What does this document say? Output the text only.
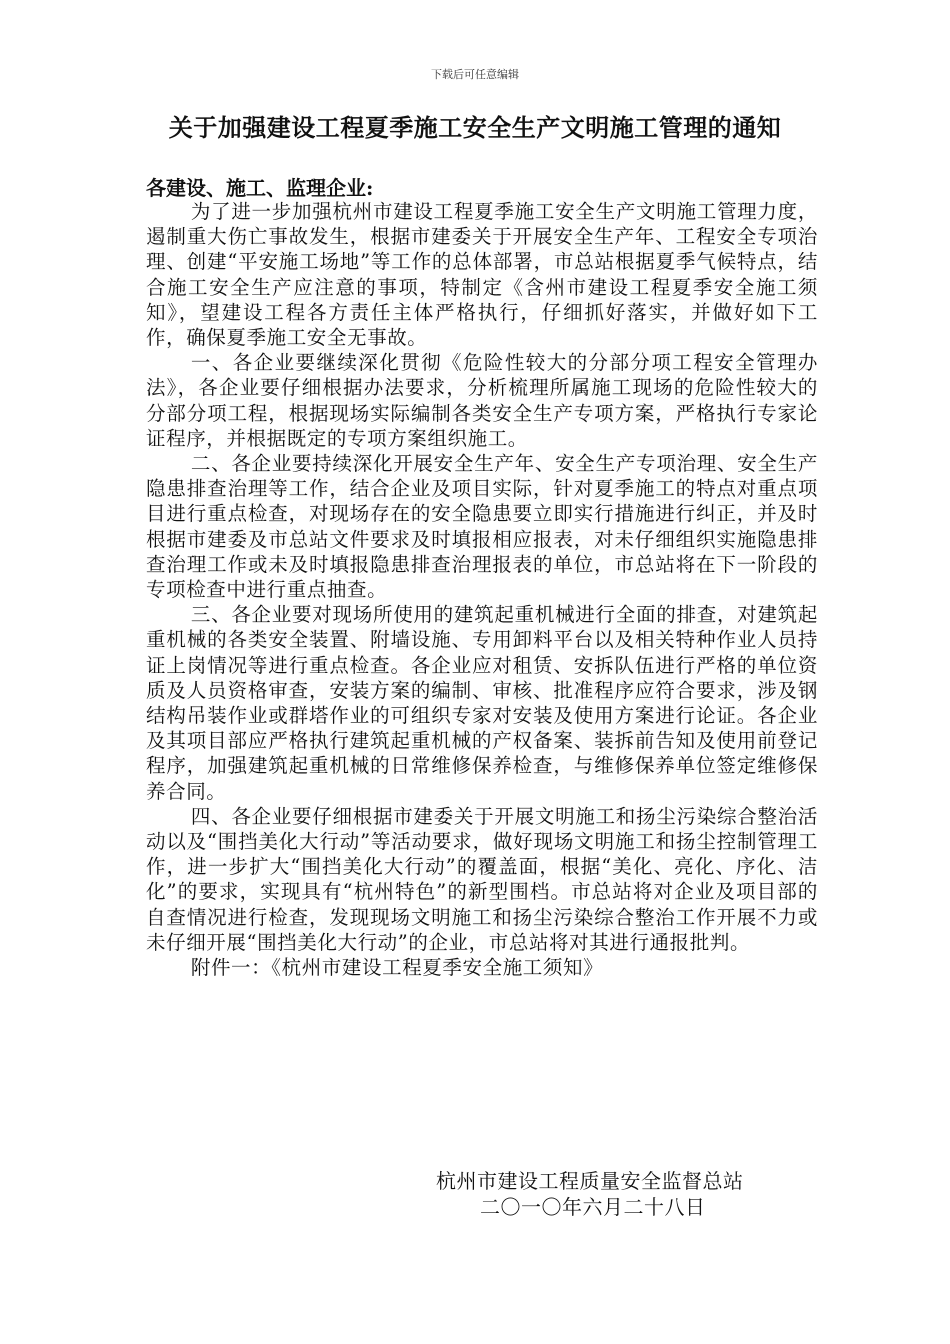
下载后可任意编辑
关于加强建设工程夏季施工安全生产文明施工管理的通知

各建设、施工、监理企业:

为了进一步加强杭州市建设工程夏季施工安全生产文明施工管理力度，遏制重大伤亡事故发生，根据市建委关于开展安全生产年、工程安全专项治理、创建“平安施工场地”等工作的总体部署，市总站根据夏季气候特点，结合施工安全生产应注意的事项，特制定《含州市建设工程夏季安全施工须知》，望建设工程各方责任主体严格执行，仔细抓好落实，并做好如下工作，确保夏季施工安全无事故。

一、各企业要继续深化贯彻《危险性较大的分部分项工程安全管理办法》，各企业要仔细根据办法要求，分析梳理所属施工现场的危险性较大的分部分项工程，根据现场实际编制各类安全生产专项方案，严格执行专家论证程序，并根据既定的专项方案组织施工。

二、各企业要持续深化开展安全生产年、安全生产专项治理、安全生产隐患排查治理等工作，结合企业及项目实际，针对夏季施工的特点对重点项目进行重点检查，对现场存在的安全隐患要立即实行措施进行纠正，并及时根据市建委及市总站文件要求及时填报相应报表，对未仔细组织实施隐患排查治理工作或未及时填报隐患排查治理报表的单位，市总站将在下一阶段的专项检查中进行重点抽查。

三、各企业要对现场所使用的建筑起重机械进行全面的排查，对建筑起重机械的各类安全装置、附墙设施、专用卸料平台以及相关特种作业人员持证上岗情况等进行重点检查。各企业应对租赁、安拆队伍进行严格的单位资质及人员资格审查，安装方案的编制、审核、批准程序应符合要求，涉及钢结构吊装作业或群塔作业的可组织专家对安装及使用方案进行论证。各企业及其项目部应严格执行建筑起重机械的产权备案、装拆前告知及使用前登记程序，加强建筑起重机械的日常维修保养检查，与维修保养单位签定维修保养合同。

四、各企业要仔细根据市建委关于开展文明施工和扬尘污染综合整治活动以及“围挡美化大行动”等活动要求，做好现场文明施工和扬尘控制管理工作，进一步扩大“围挡美化大行动”的覆盖面，根据“美化、亮化、序化、洁化”的要求，实现具有“杭州特色”的新型围档。市总站将对企业及项目部的自查情况进行检查，发现现场文明施工和扬尘污染综合整治工作开展不力或未仔细开展“围挡美化大行动”的企业，市总站将对其进行通报批判。

附件一：《杭州市建设工程夏季安全施工须知》

杭州市建设工程质量安全监督总站
二〇一〇年六月二十八日
